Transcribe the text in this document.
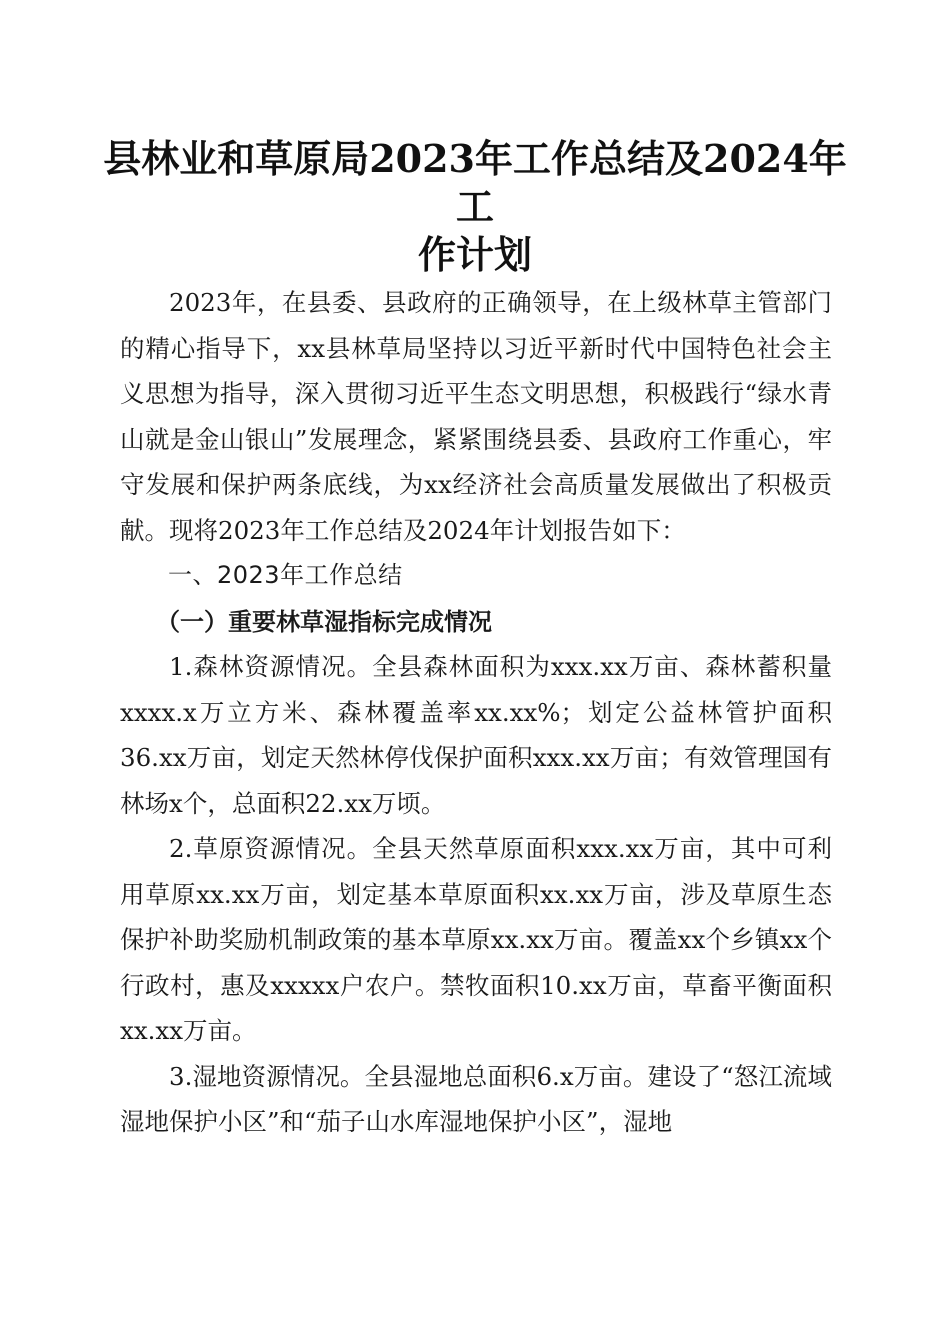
县林业和草原局2023年工作总结及2024年工
作计划

2023年，在县委、县政府的正确领导，在上级林草主管部门的精心指导下，xx县林草局坚持以习近平新时代中国特色社会主义思想为指导，深入贯彻习近平生态文明思想，积极践行“绿水青山就是金山银山”发展理念，紧紧围绕县委、县政府工作重心，牢守发展和保护两条底线，为xx经济社会高质量发展做出了积极贡献。现将2023年工作总结及2024年计划报告如下：

一、2023年工作总结

（一）重要林草湿指标完成情况

1.森林资源情况。全县森林面积为xxx.xx万亩、森林蓄积量xxxx.x万立方米、森林覆盖率xx.xx%；划定公益林管护面积36.xx万亩，划定天然林停伐保护面积xxx.xx万亩；有效管理国有林场x个，总面积22.xx万顷。

2.草原资源情况。全县天然草原面积xxx.xx万亩，其中可利用草原xx.xx万亩，划定基本草原面积xx.xx万亩，涉及草原生态保护补助奖励机制政策的基本草原xx.xx万亩。覆盖xx个乡镇xx个行政村，惠及xxxxx户农户。禁牧面积10.xx万亩，草畜平衡面积xx.xx万亩。

3.湿地资源情况。全县湿地总面积6.x万亩。建设了“怒江流域湿地保护小区”和“茄子山水库湿地保护小区”，湿地
